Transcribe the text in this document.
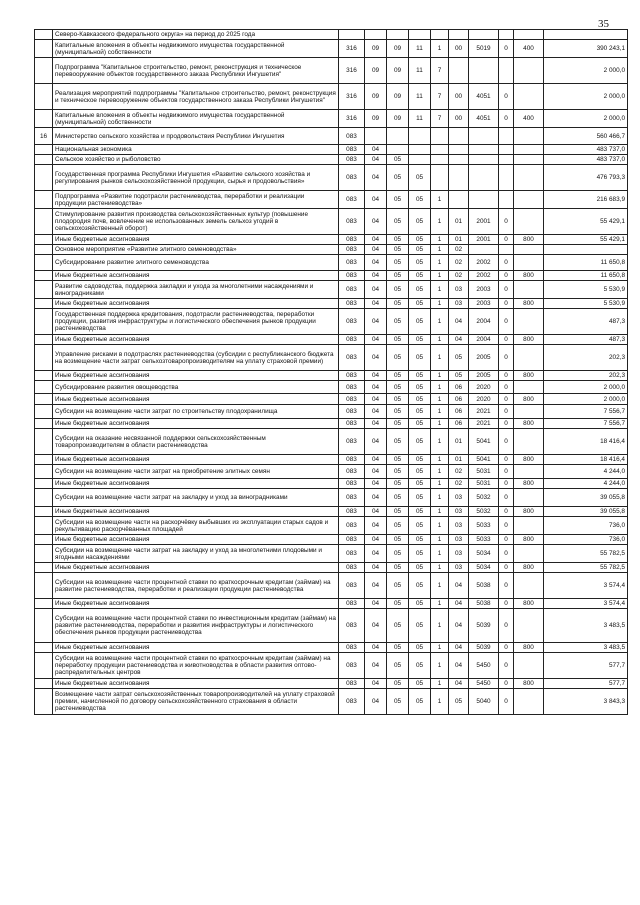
35
	Северо-Кавказского федерального округа» на период до 2025 года										
	Капитальные вложения в объекты недвижимого имущества государственной (муниципальной) собственности	316	09	09	11	1	00	5019	0	400	390 243,1
	Подпрограмма "Капитальное строительство, ремонт, реконструкция и техническое перевооружение объектов государственного заказа Республики Ингушетия"	316	09	09	11	7					2 000,0
	Реализация мероприятий подпрограммы "Капитальное строительство, ремонт, реконструкция и техническое перевооружение объектов государственного заказа Республики Ингушетия"	316	09	09	11	7	00	4051	0		2 000,0
	Капитальные вложения в объекты недвижимого имущества государственной (муниципальной) собственности	316	09	09	11	7	00	4051	0	400	2 000,0
16	Министерство сельского хозяйства и продовольствия Республики Ингушетия	083									560 466,7
	Национальная экономика	083	04								483 737,0
	Сельское хозяйство и рыболовство	083	04	05							483 737,0
	Государственная программа Республики Ингушетия «Развитие сельского хозяйства и регулирования рынков сельскохозяйственной продукции, сырья и продовольствия»	083	04	05	05						476 793,3
	Подпрограмма «Развитие подотрасли растениеводства, переработки и реализации продукции растениеводства»	083	04	05	05	1					216 683,9
	Стимулирование развития производства сельскохозяйственных культур (повышение плодородия почв, вовлечение не использованных земель сельхоз угодий в сельскохозяйственный оборот)	083	04	05	05	1	01	2001	0		55 429,1
	Иные бюджетные ассигнования	083	04	05	05	1	01	2001	0	800	55 429,1
	Основное мероприятие «Развитие элитного семеноводства»	083	04	05	05	1	02				
	Субсидирование развитие элитного семеноводства	083	04	05	05	1	02	2002	0		11 650,8
	Иные бюджетные ассигнования	083	04	05	05	1	02	2002	0	800	11 650,8
	Развитие садоводства, поддержка закладки и ухода за многолетними насаждениями и виноградниками	083	04	05	05	1	03	2003	0		5 530,9
	Иные бюджетные ассигнования	083	04	05	05	1	03	2003	0	800	5 530,9
	Государственная поддержка кредитования, подотрасли растениеводства, переработки продукции, развития инфраструктуры и логистического обеспечения рынков продукции растениеводства	083	04	05	05	1	04	2004	0		487,3
	Иные бюджетные ассигнования	083	04	05	05	1	04	2004	0	800	487,3
	Управление рисками в подотраслях растениеводства (субсидии с республиканского бюджета на возмещение части затрат сельхозтоваропроизводителям на уплату страховой премии)	083	04	05	05	1	05	2005	0		202,3
	Иные бюджетные ассигнования	083	04	05	05	1	05	2005	0	800	202,3
	Субсидирование развития овощеводства	083	04	05	05	1	06	2020	0		2 000,0
	Иные бюджетные ассигнования	083	04	05	05	1	06	2020	0	800	2 000,0
	Субсидии на возмещение части затрат по строительству плодохранилища	083	04	05	05	1	06	2021	0		7 556,7
	Иные бюджетные ассигнования	083	04	05	05	1	06	2021	0	800	7 556,7
	Субсидии на оказание несвязанной поддержки сельскохозяйственным товаропроизводителям в области растениеводства	083	04	05	05	1	01	5041	0		18 416,4
	Иные бюджетные ассигнования	083	04	05	05	1	01	5041	0	800	18 416,4
	Субсидии на возмещение части затрат на приобретение элитных семян	083	04	05	05	1	02	5031	0		4 244,0
	Иные бюджетные ассигнования	083	04	05	05	1	02	5031	0	800	4 244,0
	Субсидии на возмещение части затрат на закладку и уход за виноградниками	083	04	05	05	1	03	5032	0		39 055,8
	Иные бюджетные ассигнования	083	04	05	05	1	03	5032	0	800	39 055,8
	Субсидии на возмещение части на раскорчёвку выбывших из эксплуатации старых садов и рекультивацию раскорчёванных площадей	083	04	05	05	1	03	5033	0		736,0
	Иные бюджетные ассигнования	083	04	05	05	1	03	5033	0	800	736,0
	Субсидии на возмещение части затрат на закладку и уход за многолетними плодовыми и ягодными насаждениями	083	04	05	05	1	03	5034	0		55 782,5
	Иные бюджетные ассигнования	083	04	05	05	1	03	5034	0	800	55 782,5
	Субсидии на возмещение части процентной ставки по краткосрочным кредитам (займам) на развитие растениеводства, переработки и реализации продукции растениеводства	083	04	05	05	1	04	5038	0		3 574,4
	Иные бюджетные ассигнования	083	04	05	05	1	04	5038	0	800	3 574,4
	Субсидии на возмещение части процентной ставки по инвестиционным кредитам (займам) на развитие растениеводства, переработки и развития инфраструктуры и логистического обеспечения рынков продукции растениеводства	083	04	05	05	1	04	5039	0		3 483,5
	Иные бюджетные ассигнования	083	04	05	05	1	04	5039	0	800	3 483,5
	Субсидии на возмещение части процентной ставки по краткосрочным кредитам (займам) на переработку продукции растениеводства и животноводства в области развития оптово-распределительных центров	083	04	05	05	1	04	5450	0		577,7
	Иные бюджетные ассигнования	083	04	05	05	1	04	5450	0	800	577,7
	Возмещение части затрат сельскохозяйственных товаропроизводителей на уплату страховой премии, начисленной по договору сельскохозяйственного страхования в области растениеводства	083	04	05	05	1	05	5040	0		3 843,3
